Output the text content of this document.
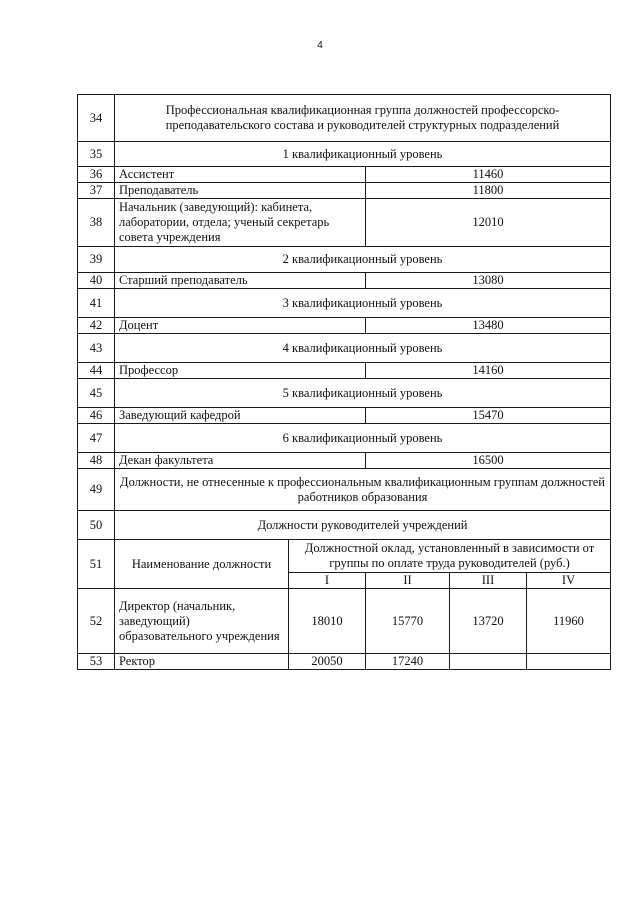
4
34	Профессиональная квалификационная группа должностей профессорско-преподавательского состава и руководителей структурных подразделений				
35	1 квалификационный уровень				
36	Ассистент		11460		
37	Преподаватель		11800		
38	Начальник (заведующий): кабинета, лаборатории, отдела; ученый секретарь совета учреждения		12010		
39	2 квалификационный уровень				
40	Старший преподаватель		13080		
41	3 квалификационный уровень				
42	Доцент		13480		
43	4 квалификационный уровень				
44	Профессор		14160		
45	5 квалификационный уровень				
46	Заведующий кафедрой		15470		
47	6 квалификационный уровень				
48	Декан факультета		16500		
49	Должности, не отнесенные к профессиональным квалификационным группам должностей работников образования				
50	Должности руководителей учреждений				
51	Наименование должности	Должностной оклад, установленный в зависимости от группы по оплате труда руководителей (руб.)			
		I	II	III	IV
52	Директор (начальник, заведующий) образовательного учреждения	18010	15770	13720	11960
53	Ректор	20050	17240		
